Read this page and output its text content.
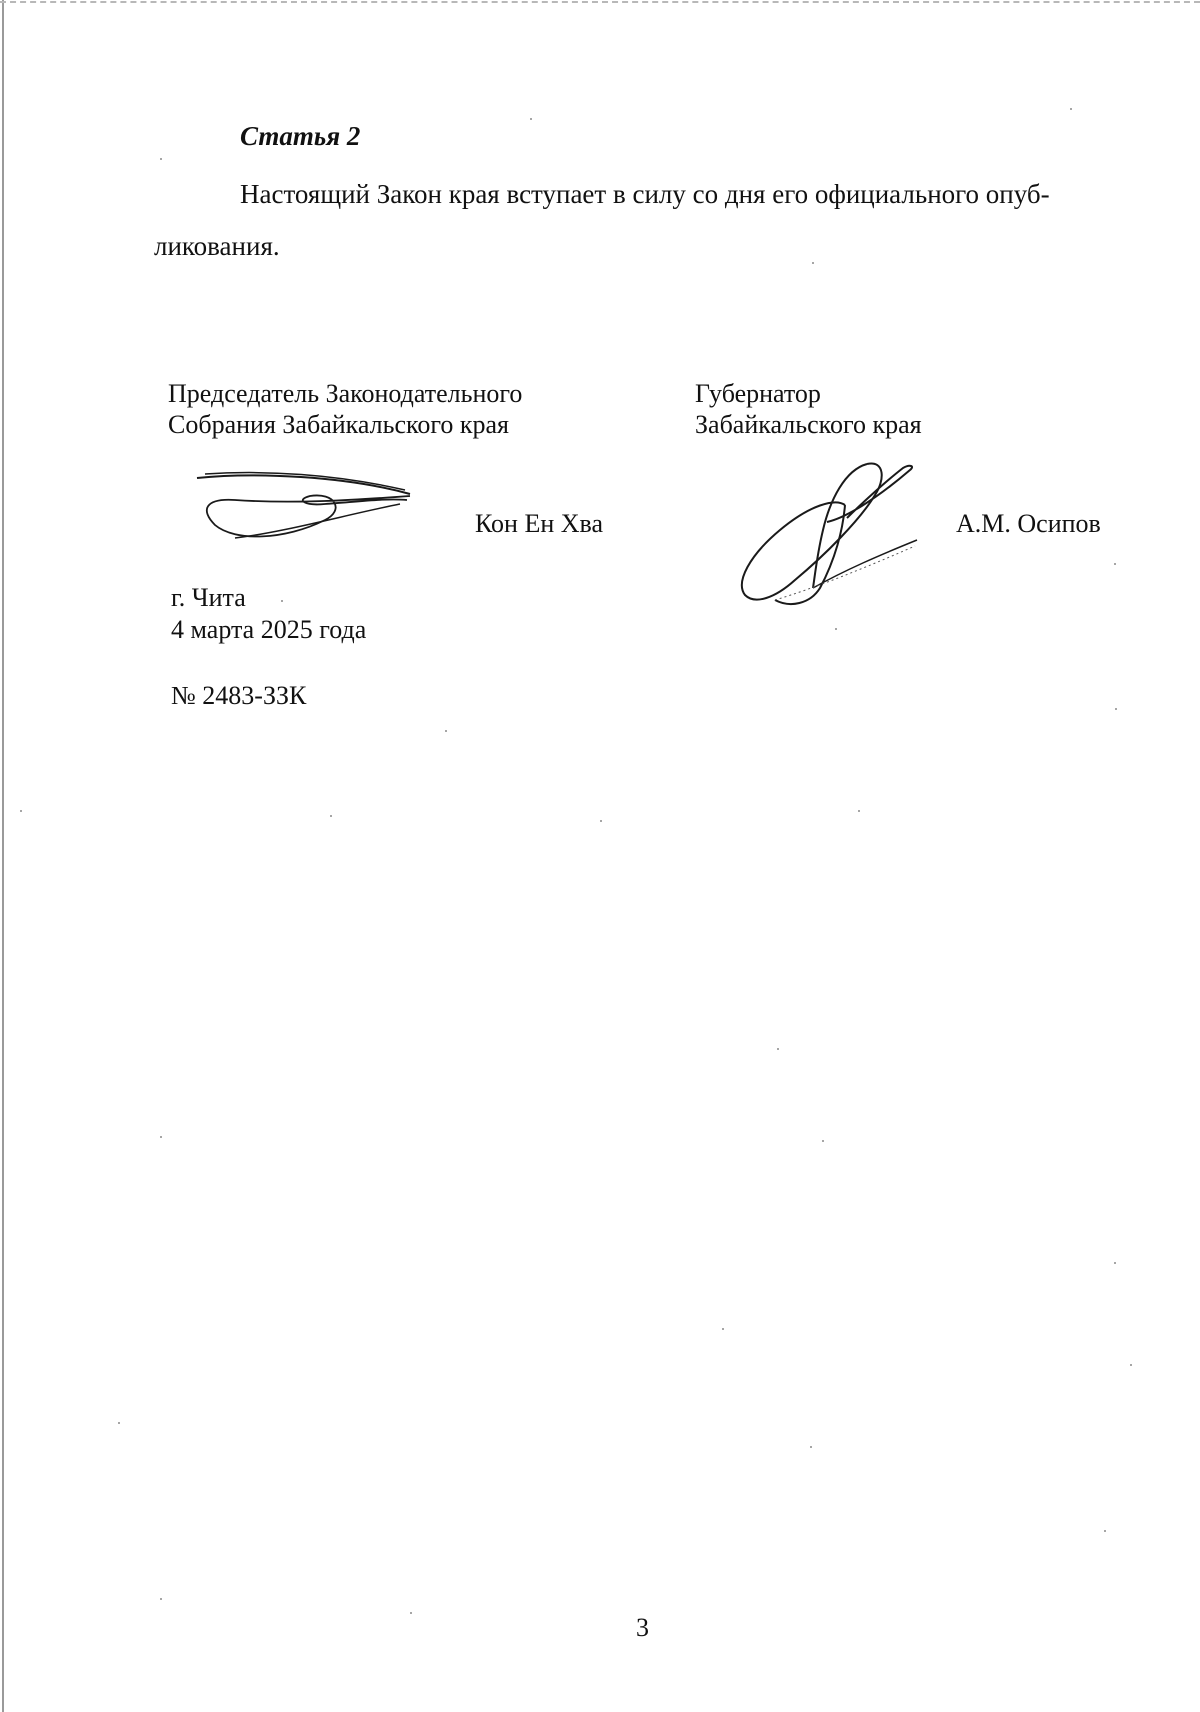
Статья 2
Настоящий Закон края вступает в силу со дня его официального опуб-
ликования.
Председатель Законодательного
Собрания Забайкальского края
Кон Ен Хва
Губернатор
Забайкальского края
А.М. Осипов
г. Чита
4 марта 2025 года
№ 2483-ЗЗК
3
